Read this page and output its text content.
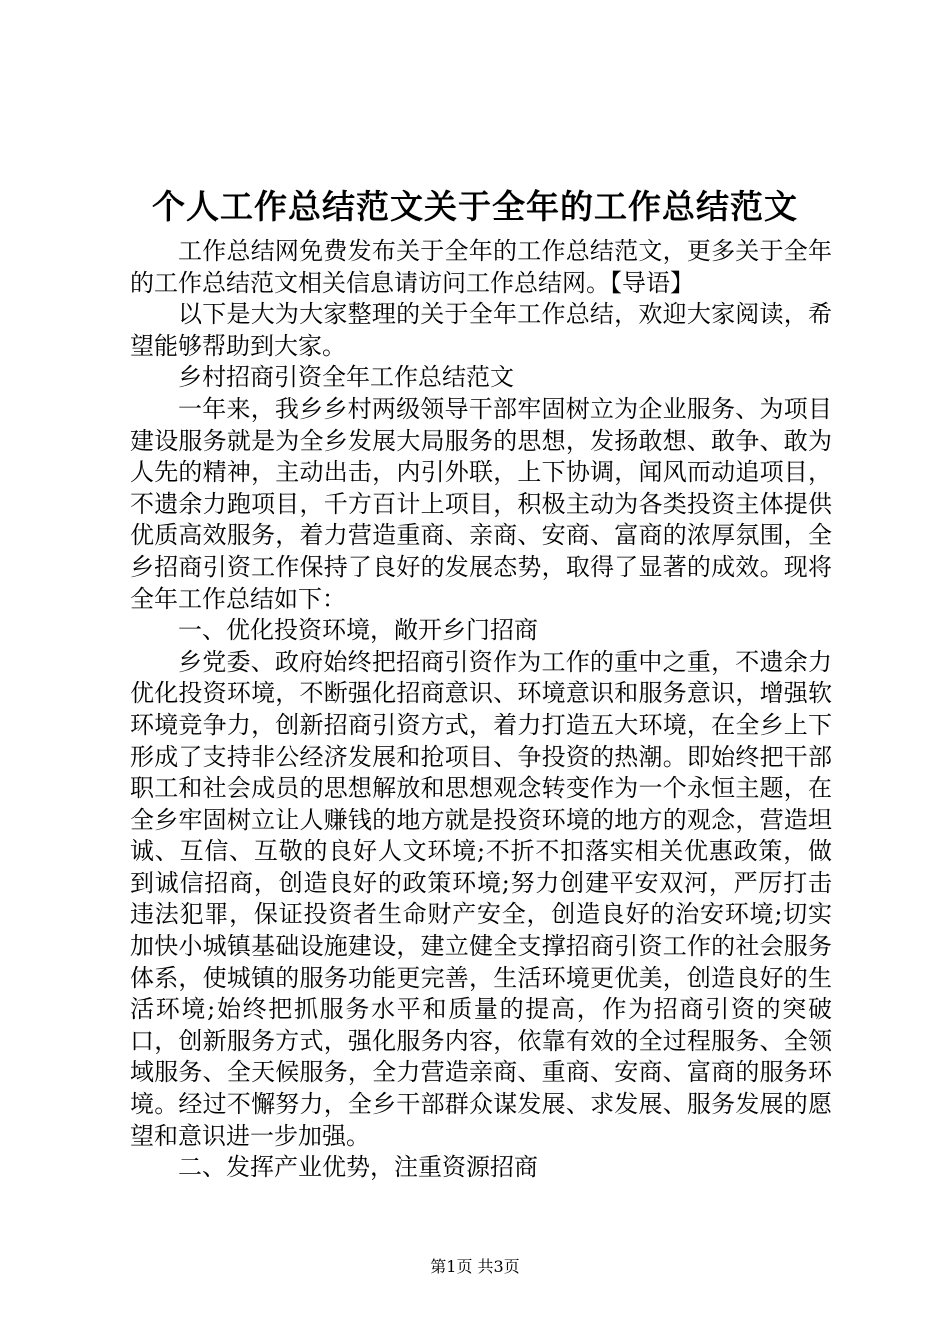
个人工作总结范文关于全年的工作总结范文

工作总结网免费发布关于全年的工作总结范文，更多关于全年的工作总结范文相关信息请访问工作总结网。【导语】

以下是大为大家整理的关于全年工作总结，欢迎大家阅读，希望能够帮助到大家。

乡村招商引资全年工作总结范文

一年来，我乡乡村两级领导干部牢固树立为企业服务、为项目建设服务就是为全乡发展大局服务的思想，发扬敢想、敢争、敢为人先的精神，主动出击，内引外联，上下协调，闻风而动追项目，不遗余力跑项目，千方百计上项目，积极主动为各类投资主体提供优质高效服务，着力营造重商、亲商、安商、富商的浓厚氛围，全乡招商引资工作保持了良好的发展态势，取得了显著的成效。现将全年工作总结如下：

一、优化投资环境，敞开乡门招商

乡党委、政府始终把招商引资作为工作的重中之重，不遗余力优化投资环境，不断强化招商意识、环境意识和服务意识，增强软环境竞争力，创新招商引资方式，着力打造五大环境，在全乡上下形成了支持非公经济发展和抢项目、争投资的热潮。即始终把干部职工和社会成员的思想解放和思想观念转变作为一个永恒主题，在全乡牢固树立让人赚钱的地方就是投资环境的地方的观念，营造坦诚、互信、互敬的良好人文环境;不折不扣落实相关优惠政策，做到诚信招商，创造良好的政策环境;努力创建平安双河，严厉打击违法犯罪，保证投资者生命财产安全，创造良好的治安环境;切实加快小城镇基础设施建设，建立健全支撑招商引资工作的社会服务体系，使城镇的服务功能更完善，生活环境更优美，创造良好的生活环境;始终把抓服务水平和质量的提高，作为招商引资的突破口，创新服务方式，强化服务内容，依靠有效的全过程服务、全领域服务、全天候服务，全力营造亲商、重商、安商、富商的服务环境。经过不懈努力，全乡干部群众谋发展、求发展、服务发展的愿望和意识进一步加强。

二、发挥产业优势，注重资源招商

第1页 共3页
